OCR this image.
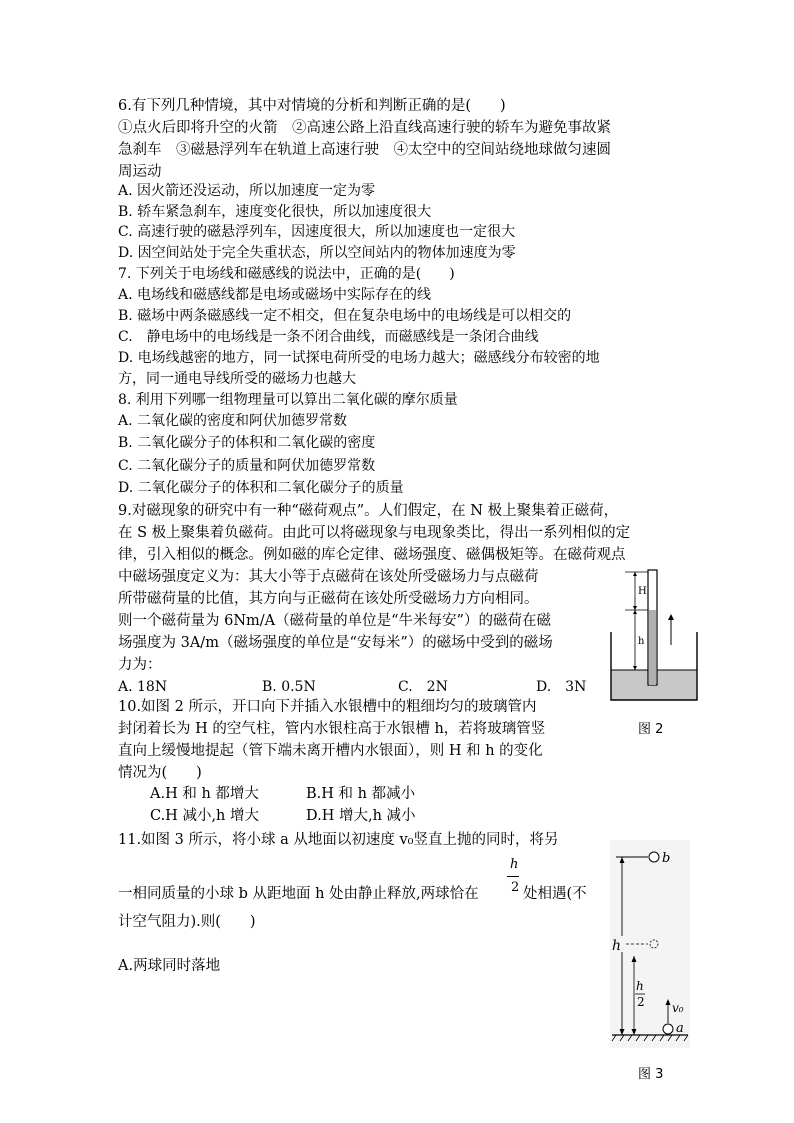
6.有下列几种情境，其中对情境的分析和判断正确的是(　　)
①点火后即将升空的火箭　②高速公路上沿直线高速行驶的轿车为避免事故紧
急刹车　③磁悬浮列车在轨道上高速行驶　④太空中的空间站绕地球做匀速圆
周运动
A. 因火箭还没运动，所以加速度一定为零
B. 轿车紧急刹车，速度变化很快，所以加速度很大
C. 高速行驶的磁悬浮列车，因速度很大，所以加速度也一定很大
D. 因空间站处于完全失重状态，所以空间站内的物体加速度为零
7. 下列关于电场线和磁感线的说法中，正确的是(　　)
A. 电场线和磁感线都是电场或磁场中实际存在的线
B. 磁场中两条磁感线一定不相交，但在复杂电场中的电场线是可以相交的
C.　静电场中的电场线是一条不闭合曲线，而磁感线是一条闭合曲线
D. 电场线越密的地方，同一试探电荷所受的电场力越大；磁感线分布较密的地
方，同一通电导线所受的磁场力也越大
8. 利用下列哪一组物理量可以算出二氧化碳的摩尔质量
A. 二氧化碳的密度和阿伏加德罗常数
B. 二氧化碳分子的体积和二氧化碳的密度
C. 二氧化碳分子的质量和阿伏加德罗常数
D. 二氧化碳分子的体积和二氧化碳分子的质量
9.对磁现象的研究中有一种“磁荷观点”。人们假定，在 N 极上聚集着正磁荷，
在 S 极上聚集着负磁荷。由此可以将磁现象与电现象类比，得出一系列相似的定
律，引入相似的概念。例如磁的库仑定律、磁场强度、磁偶极矩等。在磁荷观点
中磁场强度定义为：其大小等于点磁荷在该处所受磁场力与点磁荷
所带磁荷量的比值，其方向与正磁荷在该处所受磁场力方向相同。
则一个磁荷量为 6Nm/A（磁荷量的单位是“牛米每安”）的磁荷在磁
场强度为 3A/m（磁场强度的单位是“安每米”）的磁场中受到的磁场
力为：
A. 18N	B. 0.5N	C.　2N	D.　3N
10.如图 2 所示，开口向下并插入水银槽中的粗细均匀的玻璃管内
封闭着长为 H 的空气柱，管内水银柱高于水银槽 h，若将玻璃管竖
直向上缓慢地提起（管下端未离开槽内水银面），则 H 和 h 的变化
情况为(　　)
A.H 和 h 都增大	B.H 和 h 都减小
C.H 减小,h 增大	D.H 增大,h 减小
H
h
图 2
11.如图 3 所示，将小球 a 从地面以初速度 v₀竖直上抛的同时，将另
h
一相同质量的小球 b 从距地面 h 处由静止释放,两球恰在 2 处相遇(不
计空气阻力).则(　　)
A.两球同时落地
b
h
h
2 v₀
a
图 3
